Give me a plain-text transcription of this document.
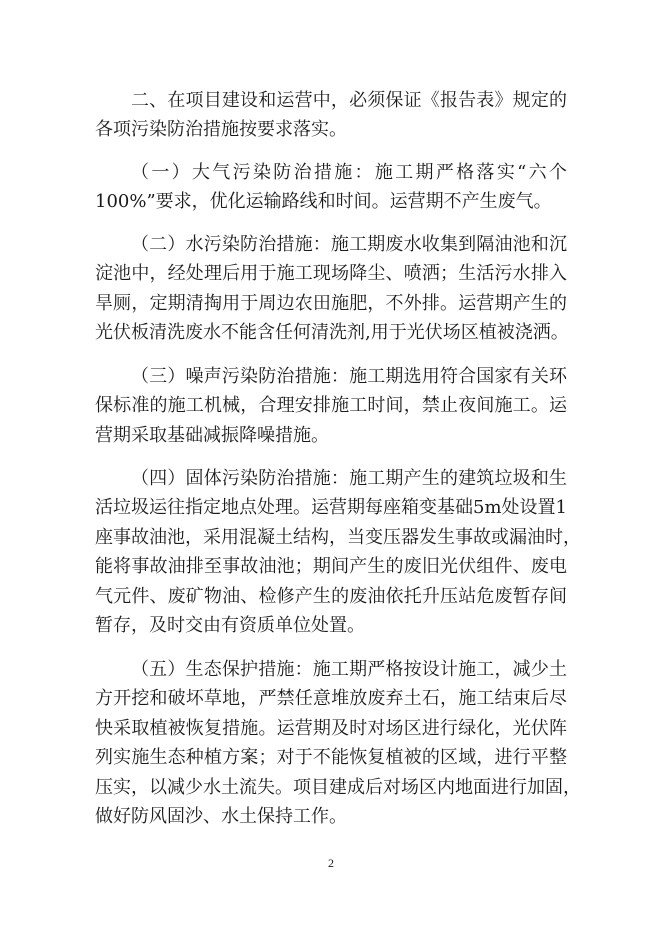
二、在项目建设和运营中，必须保证《报告表》规定的
各项污染防治措施按要求落实。
（一）大气污染防治措施：施工期严格落实“六个
100%”要求，优化运输路线和时间。运营期不产生废气。
（二）水污染防治措施：施工期废水收集到隔油池和沉
淀池中，经处理后用于施工现场降尘、喷洒；生活污水排入
旱厕，定期清掏用于周边农田施肥，不外排。运营期产生的
光伏板清洗废水不能含任何清洗剂,用于光伏场区植被浇洒。
（三）噪声污染防治措施：施工期选用符合国家有关环
保标准的施工机械，合理安排施工时间，禁止夜间施工。运
营期采取基础减振降噪措施。
（四）固体污染防治措施：施工期产生的建筑垃圾和生
活垃圾运往指定地点处理。运营期每座箱变基础5m处设置1
座事故油池，采用混凝土结构，当变压器发生事故或漏油时，
能将事故油排至事故油池；期间产生的废旧光伏组件、废电
气元件、废矿物油、检修产生的废油依托升压站危废暂存间
暂存，及时交由有资质单位处置。
（五）生态保护措施：施工期严格按设计施工，减少土
方开挖和破坏草地，严禁任意堆放废弃土石，施工结束后尽
快采取植被恢复措施。运营期及时对场区进行绿化，光伏阵
列实施生态种植方案；对于不能恢复植被的区域，进行平整
压实，以减少水土流失。项目建成后对场区内地面进行加固，
做好防风固沙、水土保持工作。
2
